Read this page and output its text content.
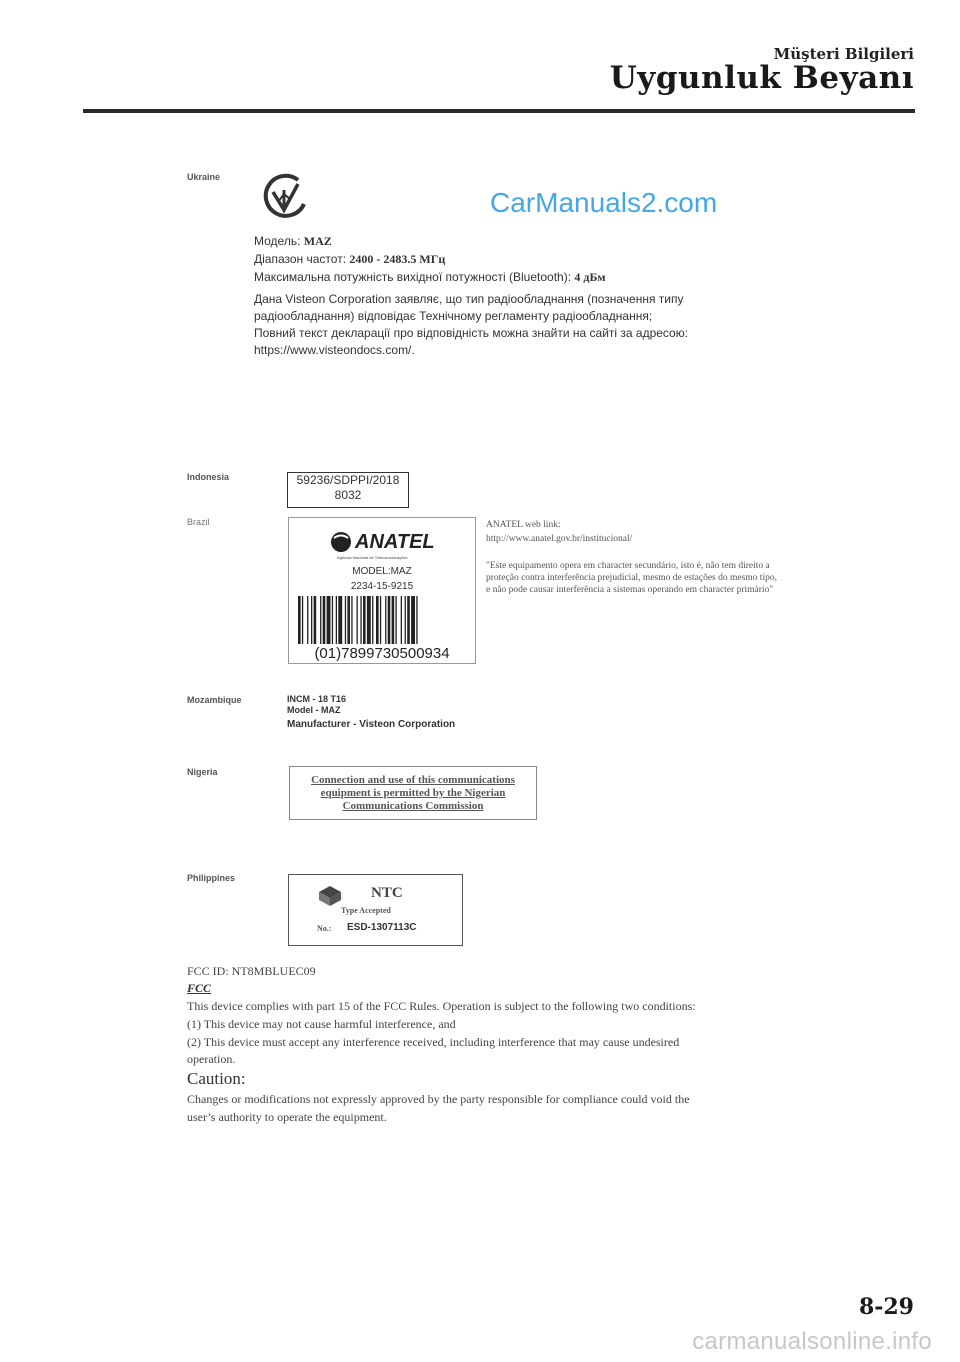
Müşteri Bilgileri
Uygunluk Beyanı
Ukraine
CarManuals2.com
Модель: MAZ
Діапазон частот: 2400 - 2483.5 МГц
Максимальна потужність вихідної потужності (Bluetooth): 4 дБм
Дана Visteon Corporation заявляє, що тип радіообладнання (позначення типу
радіообладнання) відповідає Технічному регламенту радіообладнання;
Повний текст декларації про відповідність можна знайти на сайті за адресою:
https://www.visteondocs.com/.
Indonesia	59236/SDPPI/2018
8032
Brazil
ANATEL
Agência Nacional de Telecomunicações
MODEL:MAZ
2234-15-9215
(01)7899730500934
ANATEL web link:
http://www.anatel.gov.br/institucional/
"Este equipamento opera em character secundário, isto é, não tem direito a
proteção contra interferência prejudicial, mesmo de estações do mesmo tipo,
e não pode causar interferência a sistemas operando em character primário"
Mozambique	INCM - 18 T16
Model - MAZ
Manufacturer - Visteon Corporation
Nigeria
Connection and use of this communications
equipment is permitted by the Nigerian
Communications Commission
Philippines
NTC
Type Accepted
No.: ESD-1307113C
FCC ID: NT8MBLUEC09
FCC
This device complies with part 15 of the FCC Rules. Operation is subject to the following two conditions:
(1) This device may not cause harmful interference, and
(2) This device must accept any interference received, including interference that may cause undesired
operation.
Caution:
Changes or modifications not expressly approved by the party responsible for compliance could void the
user’s authority to operate the equipment.
8-29
carmanualsonline.info
